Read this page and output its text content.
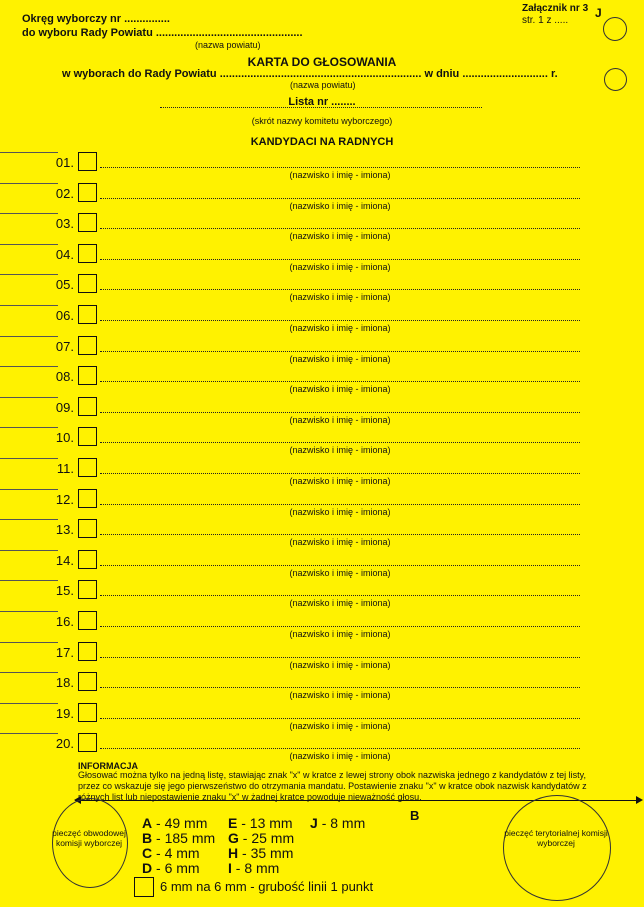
Okręg wyborczy nr ...............
do wyboru Rady Powiatu ................................................
(nazwa powiatu)
Załącznik nr 3
str. 1 z .....
J
KARTA DO GŁOSOWANIA
w wyborach do Rady Powiatu .................................................................. w dniu ............................ r.
(nazwa powiatu)
Lista nr ........
(skrót nazwy komitetu wyborczego)
KANDYDACI NA RADNYCH
01.
(nazwisko i imię - imiona)
02.
(nazwisko i imię - imiona)
03.
(nazwisko i imię - imiona)
04.
(nazwisko i imię - imiona)
05.
(nazwisko i imię - imiona)
06.
(nazwisko i imię - imiona)
07.
(nazwisko i imię - imiona)
08.
(nazwisko i imię - imiona)
09.
(nazwisko i imię - imiona)
10.
(nazwisko i imię - imiona)
11.
(nazwisko i imię - imiona)
12.
(nazwisko i imię - imiona)
13.
(nazwisko i imię - imiona)
14.
(nazwisko i imię - imiona)
15.
(nazwisko i imię - imiona)
16.
(nazwisko i imię - imiona)
17.
(nazwisko i imię - imiona)
18.
(nazwisko i imię - imiona)
19.
(nazwisko i imię - imiona)
20.
(nazwisko i imię - imiona)
INFORMACJA
Głosować można tylko na jedną listę, stawiając znak "x" w kratce z lewej strony obok nazwiska jednego z kandydatów z tej listy, przez co wskazuje się jego pierwszeństwo do otrzymania mandatu. Postawienie znaku "x" w kratce obok nazwisk kandydatów z różnych list lub niepostawienie znaku "x" w żadnej kratce powoduje nieważność głosu.
B
pieczęć obwodowej komisji wyborczej
pieczęć terytorialnej komisji wyborczej
A - 49 mm
B - 185 mm
C - 4 mm
D - 6 mm
E - 13 mm
G - 25 mm
H - 35 mm
I - 8 mm
J - 8 mm
6 mm na 6 mm - grubość linii 1 punkt
